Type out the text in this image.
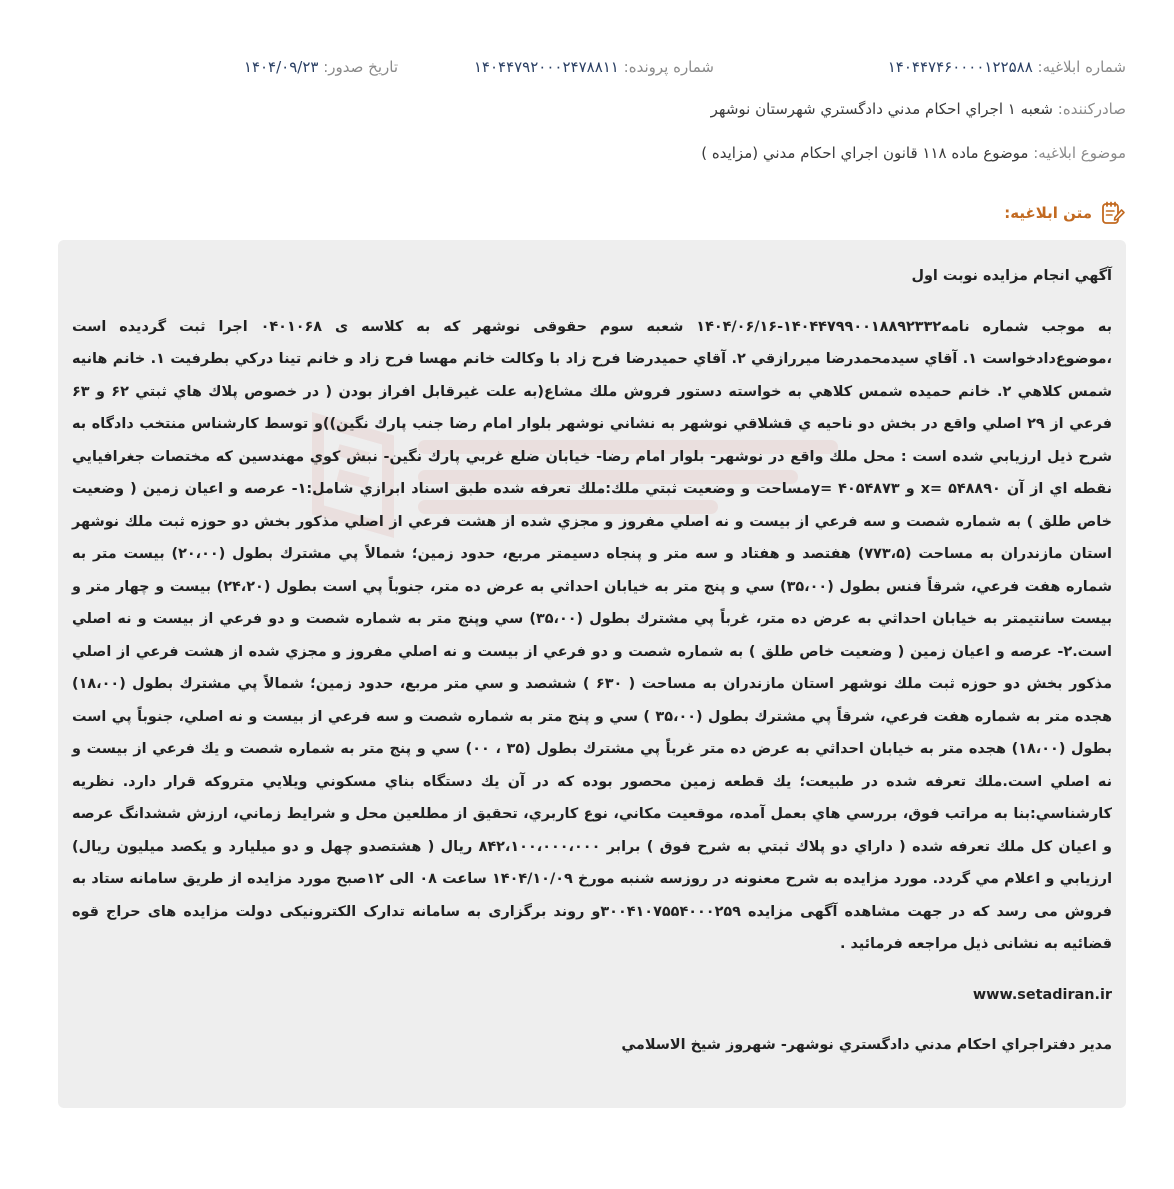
شماره ابلاغيه: ۱۴۰۴۴۷۴۶۰۰۰۰۱۲۲۵۸۸
شماره پرونده: ۱۴۰۴۴۷۹۲۰۰۰۲۴۷۸۸۱۱
تاريخ صدور: ۱۴۰۴/۰۹/۲۳
صادرکننده: شعبه ۱ اجراي احکام مدني دادگستري شهرستان نوشهر
موضوع ابلاغيه: موضوع ماده ۱۱۸ قانون اجراي احکام مدني (مزايده )
متن ابلاغيه:

آگهي انجام مزايده نوبت اول

به موجب شماره نامه۱۴۰۴۴۷۹۹۰۰۱۸۸۹۲۳۳۲-۱۴۰۴/۰۶/۱۶ شعبه سوم حقوقی نوشهر که به کلاسه ی ۰۴۰۱۰۶۸ اجرا ثبت گرديده است ،موضوع‌دادخواست ۱. آقاي سيدمحمدرضا ميررازقي ۲. آقاي حميدرضا فرح زاد با وکالت خانم مهسا فرح زاد و خانم تينا درکي بطرفيت ۱. خانم هانيه شمس کلاهي ۲. خانم حميده شمس کلاهي به خواسته دستور فروش ملك مشاع(به علت غيرقابل افراز بودن ( در خصوص پلاك هاي ثبتي ۶۲ و ۶۳ فرعي از ۲۹ اصلي واقع در بخش دو ناحيه ي قشلاقي نوشهر به نشاني نوشهر بلوار امام رضا جنب پارك نگين))و توسط کارشناس منتخب دادگاه به شرح ذيل ارزيابي شده است : محل ملك واقع در نوشهر- بلوار امام رضا- خيابان ضلع غربي پارك نگين- نبش کوي مهندسين که مختصات جغرافيايي نقطه اي از آن x= ۵۴۸۸۹۰ و y= ۴۰۵۴۸۷۳مساحت و وضعيت ثبتي ملك:ملك تعرفه شده طبق اسناد ابرازي شامل:۱- عرصه و اعيان زمين ( وضعيت خاص طلق ) به شماره شصت و سه فرعي از بيست و نه اصلي مفروز و مجزي شده از هشت فرعي از اصلي مذکور بخش دو حوزه ثبت ملك نوشهر استان مازندران به مساحت (۷۷۳،۵) هفتصد و هفتاد و سه متر و پنجاه دسيمتر مربع، حدود زمين؛ شمالاً پي مشترك بطول (۲۰،۰۰) بيست متر به شماره هفت فرعي، شرقاً فنس بطول (۳۵،۰۰) سي و پنج متر به خيابان احداثي به عرض ده متر، جنوباً پي است بطول (۲۴،۲۰) بيست و چهار متر و بيست سانتيمتر به خيابان احداثي به عرض ده متر، غرباً پي مشترك بطول (۳۵،۰۰) سي وپنج متر به شماره شصت و دو فرعي از بيست و نه اصلي است.۲- عرصه و اعيان زمين ( وضعيت خاص طلق ) به شماره شصت و دو فرعي از بيست و نه اصلي مفروز و مجزي شده از هشت فرعي از اصلي مذکور بخش دو حوزه ثبت ملك نوشهر استان مازندران به مساحت ( ۶۳۰ ) ششصد و سي متر مربع، حدود زمين؛ شمالاً پي مشترك بطول (۱۸،۰۰) هجده متر به شماره هفت فرعي، شرقاً پي مشترك بطول (۳۵،۰۰ ) سي و پنج متر به شماره شصت و سه فرعي از بيست و نه اصلي، جنوباً پي است بطول (۱۸،۰۰) هجده متر به خيابان احداثي به عرض ده متر غرباً پي مشترك بطول (۳۵ ، ۰۰) سي و پنج متر به شماره شصت و يك فرعي از بيست و نه اصلي است.ملك تعرفه شده در طبيعت؛ يك قطعه زمين محصور بوده که در آن يك دستگاه بناي مسکوني ويلايي متروکه قرار دارد. نظريه کارشناسي:بنا به مراتب فوق، بررسي هاي بعمل آمده، موقعيت مکاني، نوع کاربري، تحقيق از مطلعين محل و شرايط زماني، ارزش ششدانگ عرصه و اعيان کل ملك تعرفه شده ( داراي دو پلاك ثبتي به شرح فوق ) برابر ۸۴۲،۱۰۰،۰۰۰،۰۰۰ ريال ( هشتصدو چهل و دو ميليارد و يکصد ميليون ريال) ارزيابي و اعلام مي گردد. مورد مزايده به شرح معنونه در روزسه شنبه مورخ ۱۴۰۴/۱۰/۰۹ ساعت ۰۸ الی ۱۲صبح مورد مزايده از طريق سامانه ستاد به فروش می رسد که در جهت مشاهده آگهی مزايده ۳۰۰۴۱۰۷۵۵۴۰۰۰۲۵۹و روند برگزاری به سامانه تدارک الکترونيکی دولت مزايده های حراج قوه قضائيه به نشانی ذيل مراجعه فرمائيد .

www.setadiran.ir

مدير دفتراجراي احکام مدني دادگستري نوشهر- شهروز شيخ الاسلامي
